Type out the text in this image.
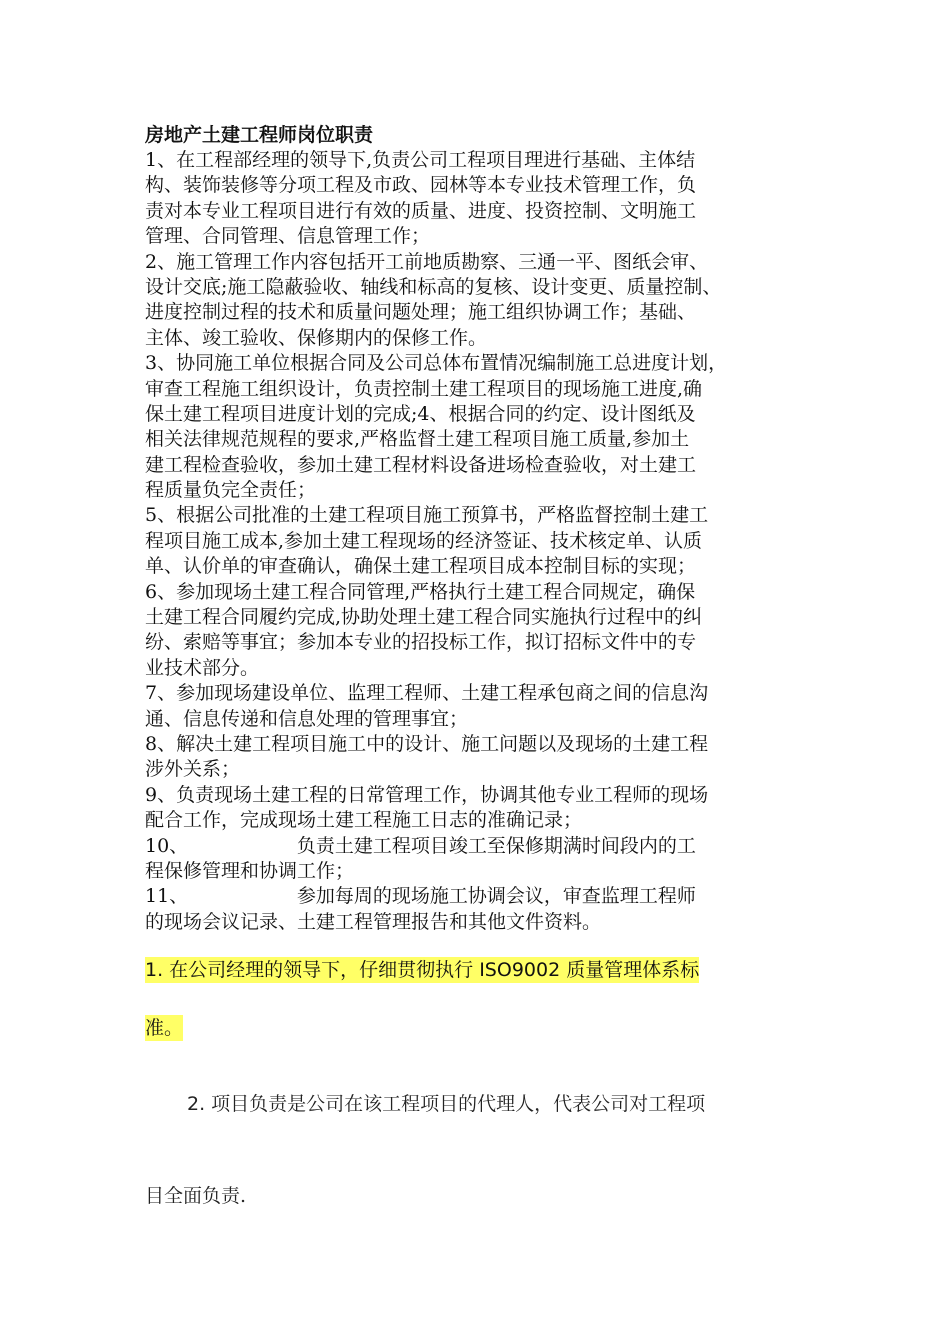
房地产土建工程师岗位职责
1、在工程部经理的领导下,负责公司工程项目理进行基础、主体结
构、装饰装修等分项工程及市政、园林等本专业技术管理工作，负
责对本专业工程项目进行有效的质量、进度、投资控制、文明施工
管理、合同管理、信息管理工作；
2、施工管理工作内容包括开工前地质勘察、三通一平、图纸会审、
设计交底;施工隐蔽验收、轴线和标高的复核、设计变更、质量控制、
进度控制过程的技术和质量问题处理；施工组织协调工作；基础、
主体、竣工验收、保修期内的保修工作。
3、协同施工单位根据合同及公司总体布置情况编制施工总进度计划，
审查工程施工组织设计，负责控制土建工程项目的现场施工进度,确
保土建工程项目进度计划的完成;4、根据合同的约定、设计图纸及
相关法律规范规程的要求,严格监督土建工程项目施工质量,参加土
建工程检查验收，参加土建工程材料设备进场检查验收，对土建工
程质量负完全责任；
5、根据公司批准的土建工程项目施工预算书，严格监督控制土建工
程项目施工成本,参加土建工程现场的经济签证、技术核定单、认质
单、认价单的审查确认，确保土建工程项目成本控制目标的实现；
6、参加现场土建工程合同管理,严格执行土建工程合同规定，确保
土建工程合同履约完成,协助处理土建工程合同实施执行过程中的纠
纷、索赔等事宜；参加本专业的招投标工作，拟订招标文件中的专
业技术部分。
7、参加现场建设单位、监理工程师、土建工程承包商之间的信息沟
通、信息传递和信息处理的管理事宜；
8、解决土建工程项目施工中的设计、施工问题以及现场的土建工程
涉外关系；
9、负责现场土建工程的日常管理工作，协调其他专业工程师的现场
配合工作，完成现场土建工程施工日志的准确记录；
10、                  负责土建工程项目竣工至保修期满时间段内的工
程保修管理和协调工作；
11、                  参加每周的现场施工协调会议，审查监理工程师
的现场会议记录、土建工程管理报告和其他文件资料。
1. 在公司经理的领导下，仔细贯彻执行 ISO9002 质量管理体系标
准。
2. 项目负责是公司在该工程项目的代理人，代表公司对工程项
目全面负责.
